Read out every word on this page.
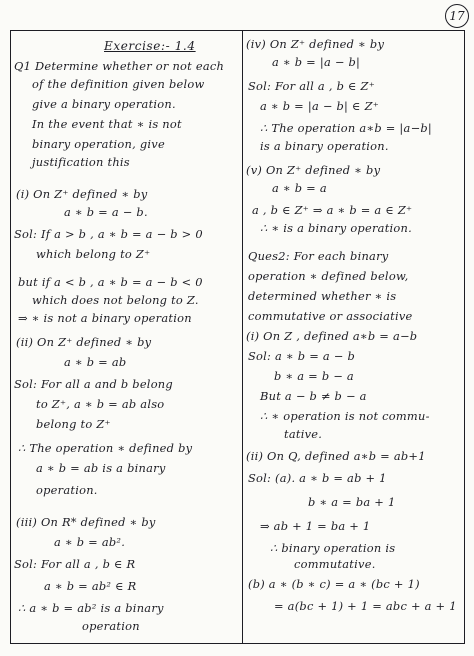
17
Exercise:- 1.4
Q1 Determine whether or not each
of the definition given below
give a binary operation.
In the event that ∗ is not
binary operation, give
justification this
(i) On Z⁺ defined ∗ by
a ∗ b = a − b.
Sol: If a > b , a ∗ b = a − b > 0
which belong to Z⁺
but if a < b , a ∗ b = a − b < 0
which does not belong to Z.
⇒ ∗ is not a binary operation
(ii) On Z⁺ defined ∗ by
a ∗ b = ab
Sol: For all a and b belong
to Z⁺, a ∗ b = ab also
belong to Z⁺
∴ The operation ∗ defined by
a ∗ b = ab is a binary
operation.
(iii) On R* defined ∗ by
a ∗ b = ab².
Sol: For all a , b ∈ R
a ∗ b = ab² ∈ R
∴ a ∗ b = ab² is a binary
operation
(iv) On Z⁺ defined ∗ by
a ∗ b = |a − b|
Sol: For all a , b ∈ Z⁺
a ∗ b = |a − b| ∈ Z⁺
∴ The operation a∗b = |a−b|
is a binary operation.
(v) On Z⁺ defined ∗ by
a ∗ b = a
a , b ∈ Z⁺ ⇒ a ∗ b = a ∈ Z⁺
∴ ∗ is a binary operation.
Ques2: For each binary
operation ∗ defined below,
determined whether ∗ is
commutative or associative
(i) On Z , defined a∗b = a−b
Sol: a ∗ b = a − b
b ∗ a = b − a
But a − b ≠ b − a
∴ ∗ operation is not commu-
tative.
(ii) On Q, defined a∗b = ab+1
Sol: (a). a ∗ b = ab + 1
b ∗ a = ba + 1
⇒ ab + 1 = ba + 1
∴ binary operation is
commutative.
(b) a ∗ (b ∗ c) = a ∗ (bc + 1)
= a(bc + 1) + 1 = abc + a + 1
